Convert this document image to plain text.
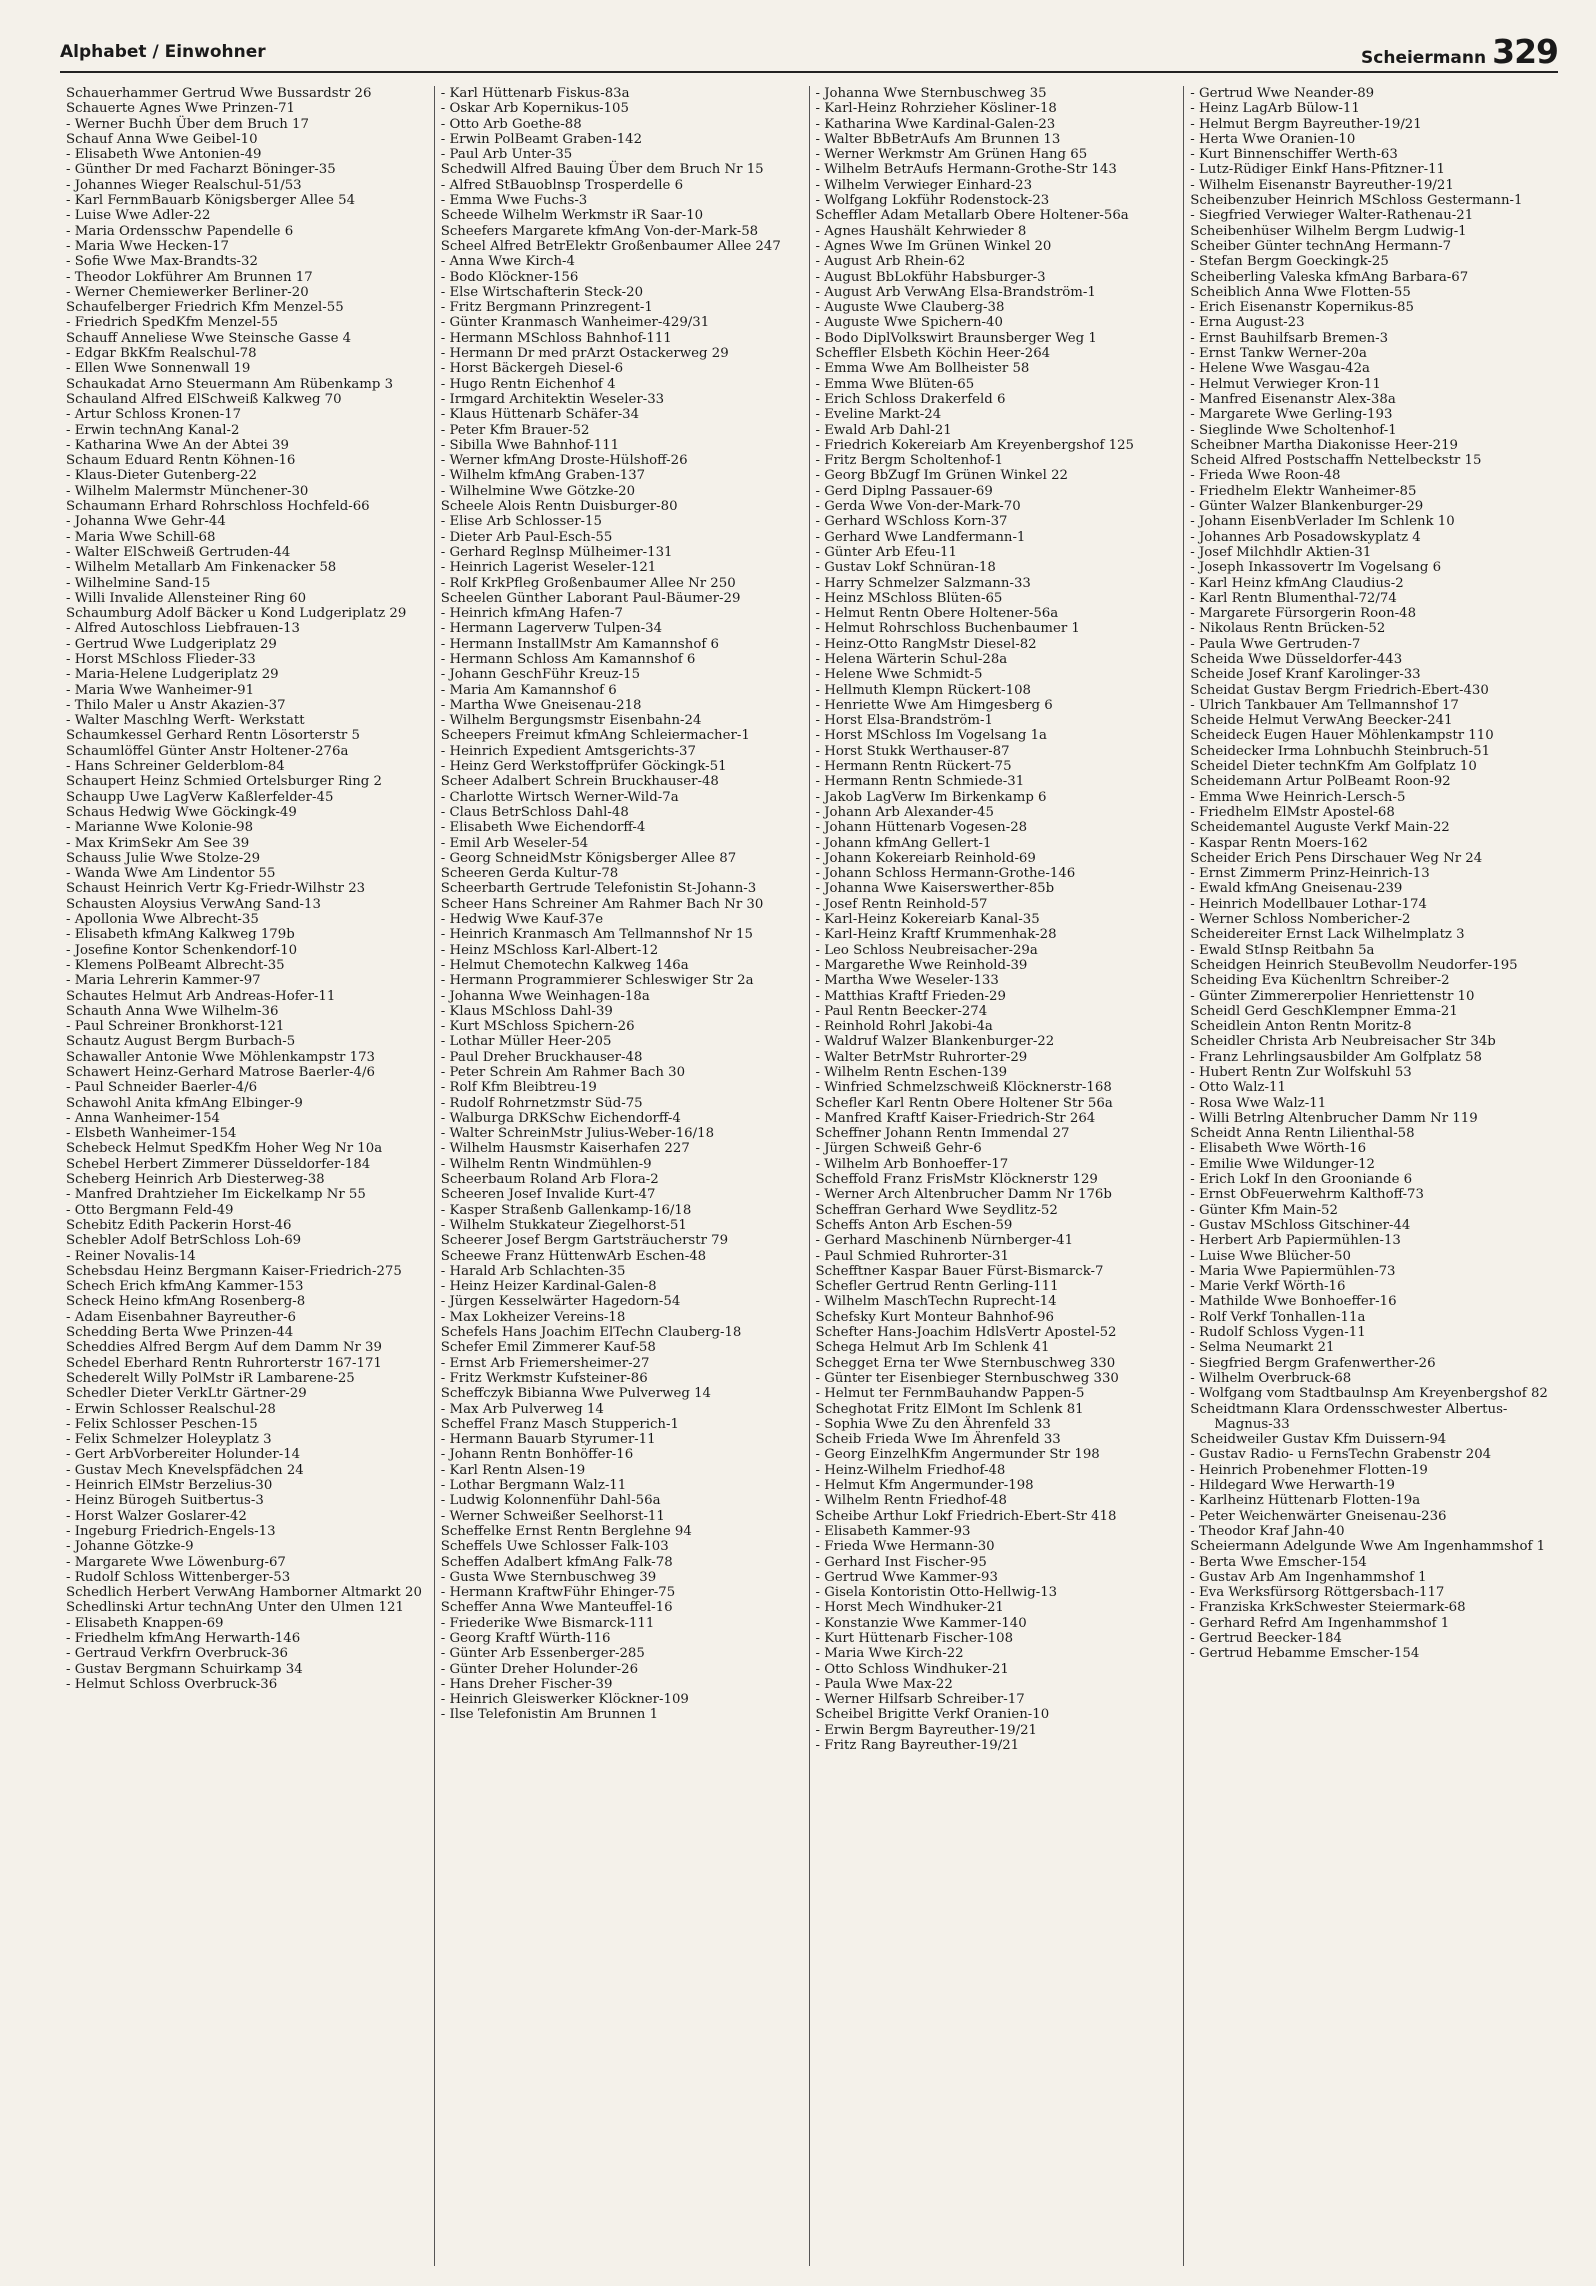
Alphabet / Einwohner	Scheiermann 329
Schauerhammer Gertrud Wwe Bussardstr 26
Schauerte Agnes Wwe Prinzen-71
- Werner Buchh Über dem Bruch 17
Schauf Anna Wwe Geibel-10
- Elisabeth Wwe Antonien-49
- Günther Dr med Facharzt Böninger-35
- Johannes Wieger Realschul-51/53
- Karl FernmBauarb Königsberger Allee 54
- Luise Wwe Adler-22
- Maria Ordensschw Papendelle 6
- Maria Wwe Hecken-17
- Sofie Wwe Max-Brandts-32
- Theodor Lokführer Am Brunnen 17
- Werner Chemiewerker Berliner-20
Schaufelberger Friedrich Kfm Menzel-55
- Friedrich SpedKfm Menzel-55
Schauff Anneliese Wwe Steinsche Gasse 4
- Edgar BkKfm Realschul-78
- Ellen Wwe Sonnenwall 19
Schaukadat Arno Steuermann Am Rübenkamp 3
Schauland Alfred ElSchweiß Kalkweg 70
- Artur Schloss Kronen-17
- Erwin technAng Kanal-2
- Katharina Wwe An der Abtei 39
Schaum Eduard Rentn Köhnen-16
- Klaus-Dieter Gutenberg-22
- Wilhelm Malermstr Münchener-30
Schaumann Erhard Rohrschloss Hochfeld-66
- Johanna Wwe Gehr-44
- Maria Wwe Schill-68
- Walter ElSchweiß Gertruden-44
- Wilhelm Metallarb Am Finkenacker 58
- Wilhelmine Sand-15
- Willi Invalide Allensteiner Ring 60
Schaumburg Adolf Bäcker u Kond Ludgeriplatz 29
- Alfred Autoschloss Liebfrauen-13
- Gertrud Wwe Ludgeriplatz 29
- Horst MSchloss Flieder-33
- Maria-Helene Ludgeriplatz 29
- Maria Wwe Wanheimer-91
- Thilo Maler u Anstr Akazien-37
- Walter Maschlng Werft- Werkstatt
Schaumkessel Gerhard Rentn Lösorterstr 5
Schaumlöffel Günter Anstr Holtener-276a
- Hans Schreiner Gelderblom-84
Schaupert Heinz Schmied Ortelsburger Ring 2
Schaupp Uwe LagVerw Kaßlerfelder-45
Schaus Hedwig Wwe Göckingk-49
- Marianne Wwe Kolonie-98
- Max KrimSekr Am See 39
Schauss Julie Wwe Stolze-29
- Wanda Wwe Am Lindentor 55
Schaust Heinrich Vertr Kg-Friedr-Wilhstr 23
Schausten Aloysius VerwAng Sand-13
- Apollonia Wwe Albrecht-35
- Elisabeth kfmAng Kalkweg 179b
- Josefine Kontor Schenkendorf-10
- Klemens PolBeamt Albrecht-35
- Maria Lehrerin Kammer-97
Schautes Helmut Arb Andreas-Hofer-11
Schauth Anna Wwe Wilhelm-36
- Paul Schreiner Bronkhorst-121
Schautz August Bergm Burbach-5
Schawaller Antonie Wwe Möhlenkampstr 173
Schawert Heinz-Gerhard Matrose Baerler-4/6
- Paul Schneider Baerler-4/6
Schawohl Anita kfmAng Elbinger-9
- Anna Wanheimer-154
- Elsbeth Wanheimer-154
Schebeck Helmut SpedKfm Hoher Weg Nr 10a
Schebel Herbert Zimmerer Düsseldorfer-184
Scheberg Heinrich Arb Diesterweg-38
- Manfred Drahtzieher Im Eickelkamp Nr 55
- Otto Bergmann Feld-49
Schebitz Edith Packerin Horst-46
Schebler Adolf BetrSchloss Loh-69
- Reiner Novalis-14
Schebsdau Heinz Bergmann Kaiser-Friedrich-275
Schech Erich kfmAng Kammer-153
Scheck Heino kfmAng Rosenberg-8
- Adam Eisenbahner Bayreuther-6
Schedding Berta Wwe Prinzen-44
Scheddies Alfred Bergm Auf dem Damm Nr 39
Schedel Eberhard Rentn Ruhrorterstr 167-171
Schederelt Willy PolMstr iR Lambarene-25
Schedler Dieter VerkLtr Gärtner-29
- Erwin Schlosser Realschul-28
- Felix Schlosser Peschen-15
- Felix Schmelzer Holeyplatz 3
- Gert ArbVorbereiter Holunder-14
- Gustav Mech Knevelspfädchen 24
- Heinrich ElMstr Berzelius-30
- Heinz Bürogeh Suitbertus-3
- Horst Walzer Goslarer-42
- Ingeburg Friedrich-Engels-13
- Johanne Götzke-9
- Margarete Wwe Löwenburg-67
- Rudolf Schloss Wittenberger-53
Schedlich Herbert VerwAng Hamborner Altmarkt 20
Schedlinski Artur technAng Unter den Ulmen 121
- Elisabeth Knappen-69
- Friedhelm kfmAng Herwarth-146
- Gertraud Verkfrn Overbruck-36
- Gustav Bergmann Schuirkamp 34
- Helmut Schloss Overbruck-36
- Karl Hüttenarb Fiskus-83a
- Oskar Arb Kopernikus-105
- Otto Arb Goethe-88
- Erwin PolBeamt Graben-142
- Paul Arb Unter-35
Schedwill Alfred Bauing Über dem Bruch Nr 15
- Alfred StBauoblnsp Trosperdelle 6
- Emma Wwe Fuchs-3
Scheede Wilhelm Werkmstr iR Saar-10
Scheefers Margarete kfmAng Von-der-Mark-58
Scheel Alfred BetrElektr Großenbaumer Allee 247
- Anna Wwe Kirch-4
- Bodo Klöckner-156
- Else Wirtschafterin Steck-20
- Fritz Bergmann Prinzregent-1
- Günter Kranmasch Wanheimer-429/31
- Hermann MSchloss Bahnhof-111
- Hermann Dr med prArzt Ostackerweg 29
- Horst Bäckergeh Diesel-6
- Hugo Rentn Eichenhof 4
- Irmgard Architektin Weseler-33
- Klaus Hüttenarb Schäfer-34
- Peter Kfm Brauer-52
- Sibilla Wwe Bahnhof-111
- Werner kfmAng Droste-Hülshoff-26
- Wilhelm kfmAng Graben-137
- Wilhelmine Wwe Götzke-20
Scheele Alois Rentn Duisburger-80
- Elise Arb Schlosser-15
- Dieter Arb Paul-Esch-55
- Gerhard Reglnsp Mülheimer-131
- Heinrich Lagerist Weseler-121
- Rolf KrkPfleg Großenbaumer Allee Nr 250
Scheelen Günther Laborant Paul-Bäumer-29
- Heinrich kfmAng Hafen-7
- Hermann Lagerverw Tulpen-34
- Hermann InstallMstr Am Kamannshof 6
- Hermann Schloss Am Kamannshof 6
- Johann GeschFühr Kreuz-15
- Maria Am Kamannshof 6
- Martha Wwe Gneisenau-218
- Wilhelm Bergungsmstr Eisenbahn-24
Scheepers Freimut kfmAng Schleiermacher-1
- Heinrich Expedient Amtsgerichts-37
- Heinz Gerd Werkstoffprüfer Göckingk-51
Scheer Adalbert Schrein Bruckhauser-48
- Charlotte Wirtsch Werner-Wild-7a
- Claus BetrSchloss Dahl-48
- Elisabeth Wwe Eichendorff-4
- Emil Arb Weseler-54
- Georg SchneidMstr Königsberger Allee 87
Scheeren Gerda Kultur-78
Scheerbarth Gertrude Telefonistin St-Johann-3
Scheer Hans Schreiner Am Rahmer Bach Nr 30
- Hedwig Wwe Kauf-37e
- Heinrich Kranmasch Am Tellmannshof Nr 15
- Heinz MSchloss Karl-Albert-12
- Helmut Chemotechn Kalkweg 146a
- Hermann Programmierer Schleswiger Str 2a
- Johanna Wwe Weinhagen-18a
- Klaus MSchloss Dahl-39
- Kurt MSchloss Spichern-26
- Lothar Müller Heer-205
- Paul Dreher Bruckhauser-48
- Peter Schrein Am Rahmer Bach 30
- Rolf Kfm Bleibtreu-19
- Rudolf Rohrnetzmstr Süd-75
- Walburga DRKSchw Eichendorff-4
- Walter SchreinMstr Julius-Weber-16/18
- Wilhelm Hausmstr Kaiserhafen 227
- Wilhelm Rentn Windmühlen-9
Scheerbaum Roland Arb Flora-2
Scheeren Josef Invalide Kurt-47
- Kasper Straßenb Gallenkamp-16/18
- Wilhelm Stukkateur Ziegelhorst-51
Scheerer Josef Bergm Gartsträucherstr 79
Scheewe Franz HüttenwArb Eschen-48
- Harald Arb Schlachten-35
- Heinz Heizer Kardinal-Galen-8
- Jürgen Kesselwärter Hagedorn-54
- Max Lokheizer Vereins-18
Schefels Hans Joachim ElTechn Clauberg-18
Schefer Emil Zimmerer Kauf-58
- Ernst Arb Friemersheimer-27
- Fritz Werkmstr Kufsteiner-86
Scheffczyk Bibianna Wwe Pulverweg 14
- Max Arb Pulverweg 14
Scheffel Franz Masch Stupperich-1
- Hermann Bauarb Styrumer-11
- Johann Rentn Bonhöffer-16
- Karl Rentn Alsen-19
- Lothar Bergmann Walz-11
- Ludwig Kolonnenführ Dahl-56a
- Werner Schweißer Seelhorst-11
Scheffelke Ernst Rentn Berglehne 94
Scheffels Uwe Schlosser Falk-103
Scheffen Adalbert kfmAng Falk-78
- Gusta Wwe Sternbuschweg 39
- Hermann KraftwFühr Ehinger-75
Scheffer Anna Wwe Manteuffel-16
- Friederike Wwe Bismarck-111
- Georg Kraftf Würth-116
- Günter Arb Essenberger-285
- Günter Dreher Holunder-26
- Hans Dreher Fischer-39
- Heinrich Gleiswerker Klöckner-109
- Ilse Telefonistin Am Brunnen 1
- Johanna Wwe Sternbuschweg 35
- Karl-Heinz Rohrzieher Kösliner-18
- Katharina Wwe Kardinal-Galen-23
- Walter BbBetrAufs Am Brunnen 13
- Werner Werkmstr Am Grünen Hang 65
- Wilhelm BetrAufs Hermann-Grothe-Str 143
- Wilhelm Verwieger Einhard-23
- Wolfgang Lokführ Rodenstock-23
Scheffler Adam Metallarb Obere Holtener-56a
- Agnes Haushält Kehrwieder 8
- Agnes Wwe Im Grünen Winkel 20
- August Arb Rhein-62
- August BbLokführ Habsburger-3
- August Arb VerwAng Elsa-Brandström-1
- Auguste Wwe Clauberg-38
- Auguste Wwe Spichern-40
- Bodo DiplVolkswirt Braunsberger Weg 1
Scheffler Elsbeth Köchin Heer-264
- Emma Wwe Am Bollheister 58
- Emma Wwe Blüten-65
- Erich Schloss Drakerfeld 6
- Eveline Markt-24
- Ewald Arb Dahl-21
- Friedrich Kokereiarb Am Kreyenbergshof 125
- Fritz Bergm Scholtenhof-1
- Georg BbZugf Im Grünen Winkel 22
- Gerd Diplng Passauer-69
- Gerda Wwe Von-der-Mark-70
- Gerhard WSchloss Korn-37
- Gerhard Wwe Landfermann-1
- Günter Arb Efeu-11
- Gustav Lokf Schnüran-18
- Harry Schmelzer Salzmann-33
- Heinz MSchloss Blüten-65
- Helmut Rentn Obere Holtener-56a
- Helmut Rohrschloss Buchenbaumer 1
- Heinz-Otto RangMstr Diesel-82
- Helena Wärterin Schul-28a
- Helene Wwe Schmidt-5
- Hellmuth Klempn Rückert-108
- Henriette Wwe Am Himgesberg 6
- Horst Elsa-Brandström-1
- Horst MSchloss Im Vogelsang 1a
- Horst Stukk Werthauser-87
- Hermann Rentn Rückert-75
- Hermann Rentn Schmiede-31
- Jakob LagVerw Im Birkenkamp 6
- Johann Arb Alexander-45
- Johann Hüttenarb Vogesen-28
- Johann kfmAng Gellert-1
- Johann Kokereiarb Reinhold-69
- Johann Schloss Hermann-Grothe-146
- Johanna Wwe Kaiserswerther-85b
- Josef Rentn Reinhold-57
- Karl-Heinz Kokereiarb Kanal-35
- Karl-Heinz Kraftf Krummenhak-28
- Leo Schloss Neubreisacher-29a
- Margarethe Wwe Reinhold-39
- Martha Wwe Weseler-133
- Matthias Kraftf Frieden-29
- Paul Rentn Beecker-274
- Reinhold Rohrl Jakobi-4a
- Waldruf Walzer Blankenburger-22
- Walter BetrMstr Ruhrorter-29
- Wilhelm Rentn Eschen-139
- Winfried Schmelzschweiß Klöcknerstr-168
Schefler Karl Rentn Obere Holtener Str 56a
- Manfred Kraftf Kaiser-Friedrich-Str 264
Scheffner Johann Rentn Immendal 27
- Jürgen Schweiß Gehr-6
- Wilhelm Arb Bonhoeffer-17
Scheffold Franz FrisMstr Klöcknerstr 129
- Werner Arch Altenbrucher Damm Nr 176b
Scheffran Gerhard Wwe Seydlitz-52
Scheffs Anton Arb Eschen-59
- Gerhard Maschinenb Nürnberger-41
- Paul Schmied Ruhrorter-31
Schefftner Kaspar Bauer Fürst-Bismarck-7
Schefler Gertrud Rentn Gerling-111
- Wilhelm MaschTechn Ruprecht-14
Schefsky Kurt Monteur Bahnhof-96
Schefter Hans-Joachim HdlsVertr Apostel-52
Schega Helmut Arb Im Schlenk 41
Schegget Erna ter Wwe Sternbuschweg 330
- Günter ter Eisenbieger Sternbuschweg 330
- Helmut ter FernmBauhandw Pappen-5
Scheghotat Fritz ElMont Im Schlenk 81
- Sophia Wwe Zu den Ährenfeld 33
Scheib Frieda Wwe Im Ährenfeld 33
- Georg EinzelhKfm Angermunder Str 198
- Heinz-Wilhelm Friedhof-48
- Helmut Kfm Angermunder-198
- Wilhelm Rentn Friedhof-48
Scheibe Arthur Lokf Friedrich-Ebert-Str 418
- Elisabeth Kammer-93
- Frieda Wwe Hermann-30
- Gerhard Inst Fischer-95
- Gertrud Wwe Kammer-93
- Gisela Kontoristin Otto-Hellwig-13
- Horst Mech Windhuker-21
- Konstanzie Wwe Kammer-140
- Kurt Hüttenarb Fischer-108
- Maria Wwe Kirch-22
- Otto Schloss Windhuker-21
- Paula Wwe Max-22
- Werner Hilfsarb Schreiber-17
Scheibel Brigitte Verkf Oranien-10
- Erwin Bergm Bayreuther-19/21
- Fritz Rang Bayreuther-19/21
- Gertrud Wwe Neander-89
- Heinz LagArb Bülow-11
- Helmut Bergm Bayreuther-19/21
- Herta Wwe Oranien-10
- Kurt Binnenschiffer Werth-63
- Lutz-Rüdiger Einkf Hans-Pfitzner-11
- Wilhelm Eisenanstr Bayreuther-19/21
Scheibenzuber Heinrich MSchloss Gestermann-1
- Siegfried Verwieger Walter-Rathenau-21
Scheibenhüser Wilhelm Bergm Ludwig-1
Scheiber Günter technAng Hermann-7
- Stefan Bergm Goeckingk-25
Scheiberling Valeska kfmAng Barbara-67
Scheiblich Anna Wwe Flotten-55
- Erich Eisenanstr Kopernikus-85
- Erna August-23
- Ernst Bauhilfsarb Bremen-3
- Ernst Tankw Werner-20a
- Helene Wwe Wasgau-42a
- Helmut Verwieger Kron-11
- Manfred Eisenanstr Alex-38a
- Margarete Wwe Gerling-193
- Sieglinde Wwe Scholtenhof-1
Scheibner Martha Diakonisse Heer-219
Scheid Alfred Postschaffn Nettelbeckstr 15
- Frieda Wwe Roon-48
- Friedhelm Elektr Wanheimer-85
- Günter Walzer Blankenburger-29
- Johann EisenbVerlader Im Schlenk 10
- Johannes Arb Posadowskyplatz 4
- Josef Milchhdlr Aktien-31
- Joseph Inkassovertr Im Vogelsang 6
- Karl Heinz kfmAng Claudius-2
- Karl Rentn Blumenthal-72/74
- Margarete Fürsorgerin Roon-48
- Nikolaus Rentn Brücken-52
- Paula Wwe Gertruden-7
Scheida Wwe Düsseldorfer-443
Scheide Josef Kranf Karolinger-33
Scheidat Gustav Bergm Friedrich-Ebert-430
- Ulrich Tankbauer Am Tellmannshof 17
Scheide Helmut VerwAng Beecker-241
Scheideck Eugen Hauer Möhlenkampstr 110
Scheidecker Irma Lohnbuchh Steinbruch-51
Scheidel Dieter technKfm Am Golfplatz 10
Scheidemann Artur PolBeamt Roon-92
- Emma Wwe Heinrich-Lersch-5
- Friedhelm ElMstr Apostel-68
Scheidemantel Auguste Verkf Main-22
- Kaspar Rentn Moers-162
Scheider Erich Pens Dirschauer Weg Nr 24
- Ernst Zimmerm Prinz-Heinrich-13
- Ewald kfmAng Gneisenau-239
- Heinrich Modellbauer Lothar-174
- Werner Schloss Nombericher-2
Scheidereiter Ernst Lack Wilhelmplatz 3
- Ewald StInsp Reitbahn 5a
Scheidgen Heinrich SteuBevollm Neudorfer-195
Scheiding Eva Küchenltrn Schreiber-2
- Günter Zimmererpolier Henriettenstr 10
Scheidl Gerd GeschKlempner Emma-21
Scheidlein Anton Rentn Moritz-8
Scheidler Christa Arb Neubreisacher Str 34b
- Franz Lehrlingsausbilder Am Golfplatz 58
- Hubert Rentn Zur Wolfskuhl 53
- Otto Walz-11
- Rosa Wwe Walz-11
- Willi Betrlng Altenbrucher Damm Nr 119
Scheidt Anna Rentn Lilienthal-58
- Elisabeth Wwe Wörth-16
- Emilie Wwe Wildunger-12
- Erich Lokf In den Grooniande 6
- Ernst ObFeuerwehrm Kalthoff-73
- Günter Kfm Main-52
- Gustav MSchloss Gitschiner-44
- Herbert Arb Papiermühlen-13
- Luise Wwe Blücher-50
- Maria Wwe Papiermühlen-73
- Marie Verkf Wörth-16
- Mathilde Wwe Bonhoeffer-16
- Rolf Verkf Tonhallen-11a
- Rudolf Schloss Vygen-11
- Selma Neumarkt 21
- Siegfried Bergm Grafenwerther-26
- Wilhelm Overbruck-68
- Wolfgang vom Stadtbaulnsp Am Kreyenbergshof 82
Scheidtmann Klara Ordensschwester Albertus-Magnus-33
Scheidweiler Gustav Kfm Duissern-94
- Gustav Radio- u FernsTechn Grabenstr 204
- Heinrich Probenehmer Flotten-19
- Hildegard Wwe Herwarth-19
- Karlheinz Hüttenarb Flotten-19a
- Peter Weichenwärter Gneisenau-236
- Theodor Kraf Jahn-40
Scheiermann Adelgunde Wwe Am Ingenhammshof 1
- Berta Wwe Emscher-154
- Gustav Arb Am Ingenhammshof 1
- Eva Werksfürsorg Röttgersbach-117
- Franziska KrkSchwester Steiermark-68
- Gerhard Refrd Am Ingenhammshof 1
- Gertrud Beecker-184
- Gertrud Hebamme Emscher-154
